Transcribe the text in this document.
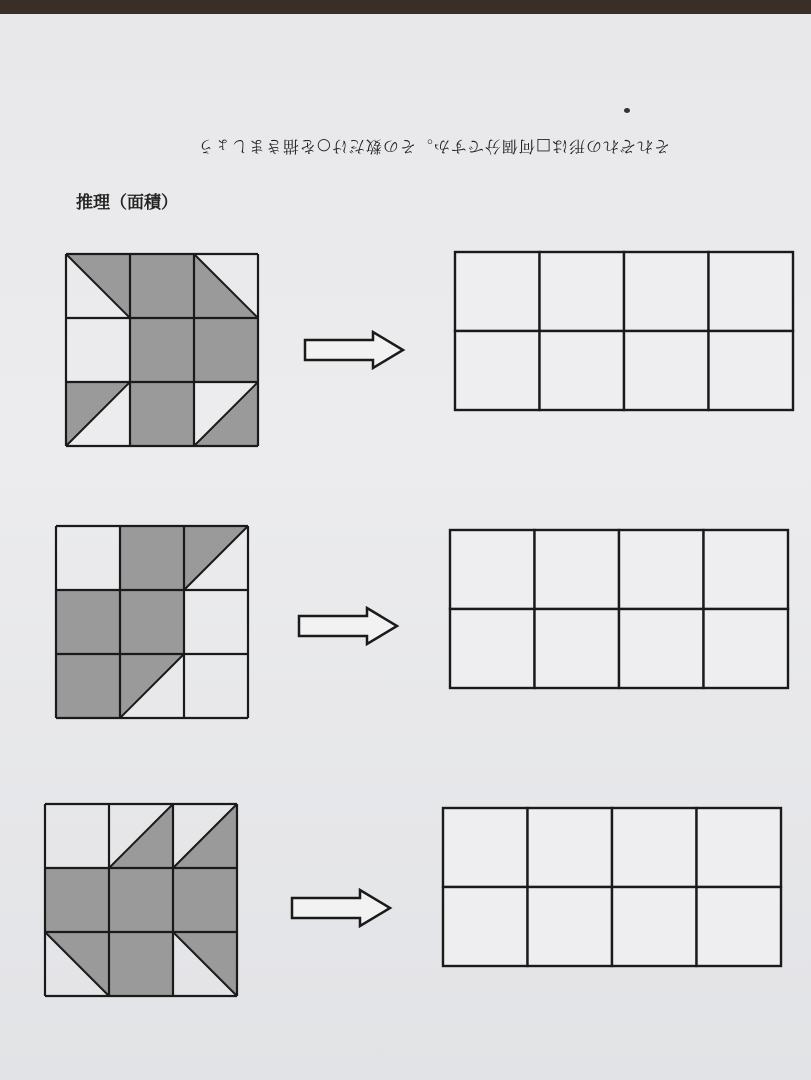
それぞれの形は□何個分ですか。その数だけ○を描きましょう
推理（面積）
